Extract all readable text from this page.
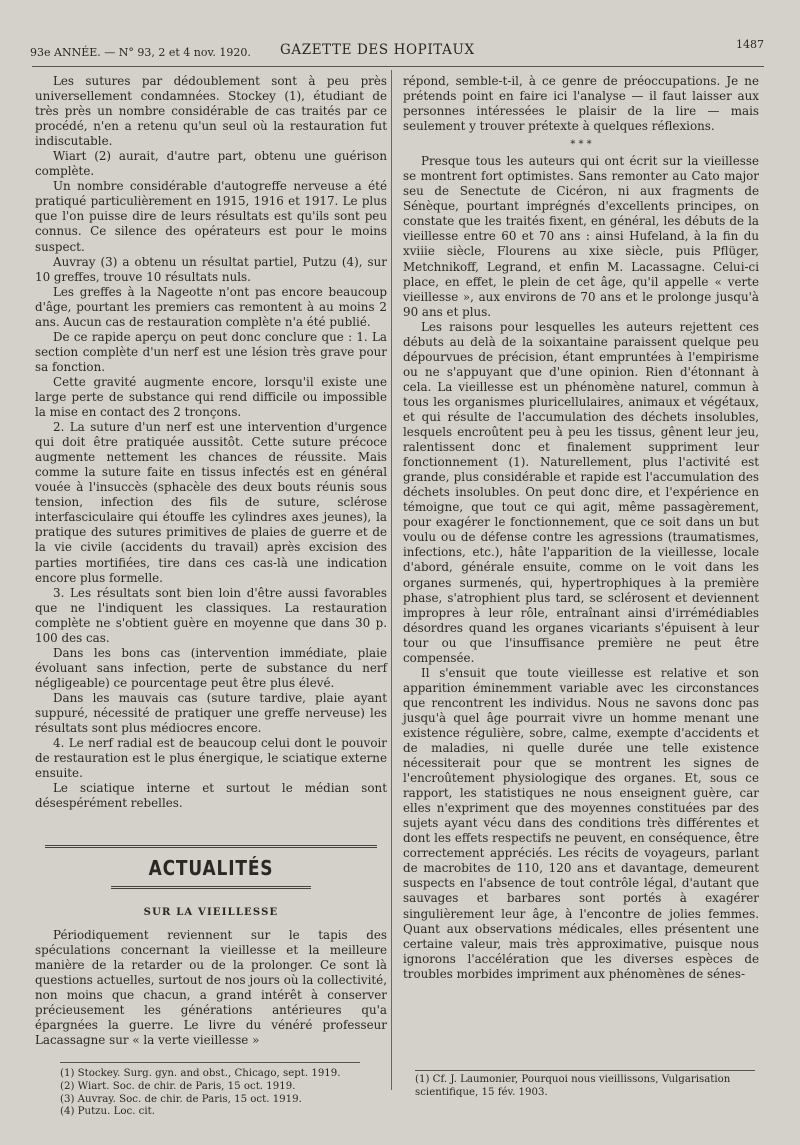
93e ANNÉE. — N° 93, 2 et 4 nov. 1920. GAZETTE DES HOPITAUX	1487

Les sutures par dédoublement sont à peu près universellement condamnées. Stockey (1), étudiant de très près un nombre considérable de cas traités par ce procédé, n'en a retenu qu'un seul où la restauration fut indiscutable.

Wiart (2) aurait, d'autre part, obtenu une guérison complète.

Un nombre considérable d'autogreffe nerveuse a été pratiqué particulièrement en 1915, 1916 et 1917. Le plus que l'on puisse dire de leurs résultats est qu'ils sont peu connus. Ce silence des opérateurs est pour le moins suspect.

Auvray (3) a obtenu un résultat partiel, Putzu (4), sur 10 greffes, trouve 10 résultats nuls.

Les greffes à la Nageotte n'ont pas encore beaucoup d'âge, pourtant les premiers cas remontent à au moins 2 ans. Aucun cas de restauration complète n'a été publié.

De ce rapide aperçu on peut donc conclure que : 1. La section complète d'un nerf est une lésion très grave pour sa fonction.

Cette gravité augmente encore, lorsqu'il existe une large perte de substance qui rend difficile ou impossible la mise en contact des 2 tronçons.

2. La suture d'un nerf est une intervention d'urgence qui doit être pratiquée aussitôt. Cette suture précoce augmente nettement les chances de réussite. Mais comme la suture faite en tissus infectés est en général vouée à l'insuccès (sphacèle des deux bouts réunis sous tension, infection des fils de suture, sclérose interfasciculaire qui étouffe les cylindres axes jeunes), la pratique des sutures primitives de plaies de guerre et de la vie civile (accidents du travail) après excision des parties mortifiées, tire dans ces cas-là une indication encore plus formelle.

3. Les résultats sont bien loin d'être aussi favorables que ne l'indiquent les classiques. La restauration complète ne s'obtient guère en moyenne que dans 30 p. 100 des cas.

Dans les bons cas (intervention immédiate, plaie évoluant sans infection, perte de substance du nerf négligeable) ce pourcentage peut être plus élevé.

Dans les mauvais cas (suture tardive, plaie ayant suppuré, nécessité de pratiquer une greffe nerveuse) les résultats sont plus médiocres encore.

4. Le nerf radial est de beaucoup celui dont le pouvoir de restauration est le plus énergique, le sciatique externe ensuite.

Le sciatique interne et surtout le médian sont désespérément rebelles.

ACTUALITÉS
SUR LA VIEILLESSE

Périodiquement reviennent sur le tapis des spéculations concernant la vieillesse et la meilleure manière de la retarder ou de la prolonger. Ce sont là questions actuelles, surtout de nos jours où la collectivité, non moins que chacun, a grand intérêt à conserver précieusement les générations antérieures qu'a épargnées la guerre. Le livre du vénéré professeur Lacassagne sur « la verte vieillesse »

(1) Stockey. Surg. gyn. and obst., Chicago, sept. 1919.
(2) Wiart. Soc. de chir. de Paris, 15 oct. 1919.
(3) Auvray. Soc. de chir. de Paris, 15 oct. 1919.
(4) Putzu. Loc. cit.

répond, semble-t-il, à ce genre de préoccupations. Je ne prétends point en faire ici l'analyse — il faut laisser aux personnes intéressées le plaisir de la lire — mais seulement y trouver prétexte à quelques réflexions.

* * *

Presque tous les auteurs qui ont écrit sur la vieillesse se montrent fort optimistes. Sans remonter au Cato major seu de Senectute de Cicéron, ni aux fragments de Sénèque, pourtant imprégnés d'excellents principes, on constate que les traités fixent, en général, les débuts de la vieillesse entre 60 et 70 ans : ainsi Hufeland, à la fin du xviiie siècle, Flourens au xixe siècle, puis Pflüger, Metchnikoff, Legrand, et enfin M. Lacassagne. Celui-ci place, en effet, le plein de cet âge, qu'il appelle « verte vieillesse », aux environs de 70 ans et le prolonge jusqu'à 90 ans et plus.

Les raisons pour lesquelles les auteurs rejettent ces débuts au delà de la soixantaine paraissent quelque peu dépourvues de précision, étant empruntées à l'empirisme ou ne s'appuyant que d'une opinion. Rien d'étonnant à cela. La vieillesse est un phénomène naturel, commun à tous les organismes pluricellulaires, animaux et végétaux, et qui résulte de l'accumulation des déchets insolubles, lesquels encroûtent peu à peu les tissus, gênent leur jeu, ralentissent donc et finalement suppriment leur fonctionnement (1). Naturellement, plus l'activité est grande, plus considérable et rapide est l'accumulation des déchets insolubles. On peut donc dire, et l'expérience en témoigne, que tout ce qui agit, même passagèrement, pour exagérer le fonctionnement, que ce soit dans un but voulu ou de défense contre les agressions (traumatismes, infections, etc.), hâte l'apparition de la vieillesse, locale d'abord, générale ensuite, comme on le voit dans les organes surmenés, qui, hypertrophiques à la première phase, s'atrophient plus tard, se sclérosent et deviennent impropres à leur rôle, entraînant ainsi d'irrémédiables désordres quand les organes vicariants s'épuisent à leur tour ou que l'insuffisance première ne peut être compensée.

Il s'ensuit que toute vieillesse est relative et son apparition éminemment variable avec les circonstances que rencontrent les individus. Nous ne savons donc pas jusqu'à quel âge pourrait vivre un homme menant une existence régulière, sobre, calme, exempte d'accidents et de maladies, ni quelle durée une telle existence nécessiterait pour que se montrent les signes de l'encroûtement physiologique des organes. Et, sous ce rapport, les statistiques ne nous enseignent guère, car elles n'expriment que des moyennes constituées par des sujets ayant vécu dans des conditions très différentes et dont les effets respectifs ne peuvent, en conséquence, être correctement appréciés. Les récits de voyageurs, parlant de macrobites de 110, 120 ans et davantage, demeurent suspects en l'absence de tout contrôle légal, d'autant que sauvages et barbares sont portés à exagérer singulièrement leur âge, à l'encontre de jolies femmes. Quant aux observations médicales, elles présentent une certaine valeur, mais très approximative, puisque nous ignorons l'accélération que les diverses espèces de troubles morbides impriment aux phénomènes de sénes-

(1) Cf. J. Laumonier, Pourquoi nous vieillissons, Vulgarisation scientifique, 15 fév. 1903.
